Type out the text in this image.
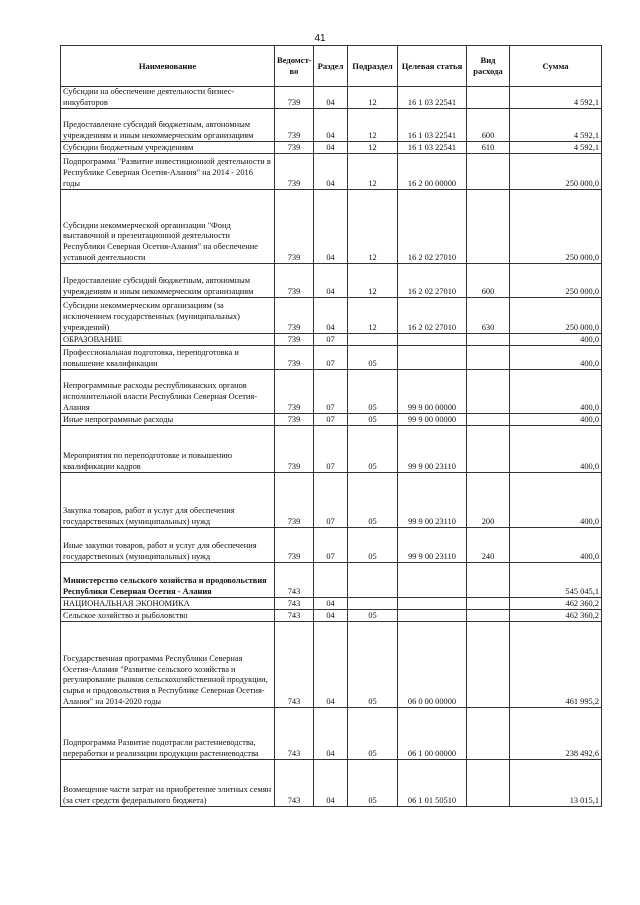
41
Наименование	Ведомст-во	Раздел	Подраздел	Целевая статья	Вид расхода	Сумма
Субсидии на обеспечение деятельности бизнес-инкубаторов	739	04	12	16 1 03 22541		4 592,1
Предоставление субсидий бюджетным, автономным учреждениям и иным некоммерческим организациям	739	04	12	16 1 03 22541	600	4 592,1
Субсидии бюджетным учреждениям	739	04	12	16 1 03 22541	610	4 592,1
Подпрограмма "Развитие инвестиционной деятельности в Республике Северная Осетия-Алания" на 2014 - 2016 годы	739	04	12	16 2 00 00000		250 000,0
Субсидии некоммерческой организации "Фонд выставочной и презентационной деятельности Республики Северная Осетия-Алания" на обеспечение уставной деятельности	739	04	12	16 2 02 27010		250 000,0
Предоставление субсидий бюджетным, автономным учреждениям и иным некоммерческим организациям	739	04	12	16 2 02 27010	600	250 000,0
Субсидии некоммерческим организациям (за исключением государственных (муниципальных) учреждений)	739	04	12	16 2 02 27010	630	250 000,0
ОБРАЗОВАНИЕ	739	07				400,0
Профессиональная подготовка, переподготовка и повышение квалификации	739	07	05			400,0
Непрограммные расходы республиканских органов исполнительной власти Республики Северная Осетия-Алания	739	07	05	99 9 00 00000		400,0
Иные непрограммные расходы	739	07	05	99 9 00 00000		400,0
Мероприятия по переподготовке и повышению квалификации кадров	739	07	05	99 9 00 23110		400,0
Закупка товаров, работ и услуг для обеспечения государственных (муниципальных) нужд	739	07	05	99 9 00 23110	200	400,0
Иные закупки товаров, работ и услуг для обеспечения государственных (муниципальных) нужд	739	07	05	99 9 00 23110	240	400,0
Министерство сельского хозяйства и продовольствия Республики Северная Осетия - Алания	743					545 045,1
НАЦИОНАЛЬНАЯ ЭКОНОМИКА	743	04				462 360,2
Сельское хозяйство и рыболовство	743	04	05			462 360,2
Государственная программа Республики Северная Осетия-Алания "Развитие сельского хозяйства и регулирование рынков сельскохозяйственной продукции, сырья и продовольствия в Республике Северная Осетия-Алания" на 2014-2020 годы	743	04	05	06 0 00 00000		461 995,2
Подпрограмма Развитие подотрасли растениеводства, переработки и реализации продукции растениеводства	743	04	05	06 1 00 00000		238 492,6
Возмещение части затрат на приобретение элитных семян (за счет средств федерального бюджета)	743	04	05	06 1 01 50510		13 015,1
